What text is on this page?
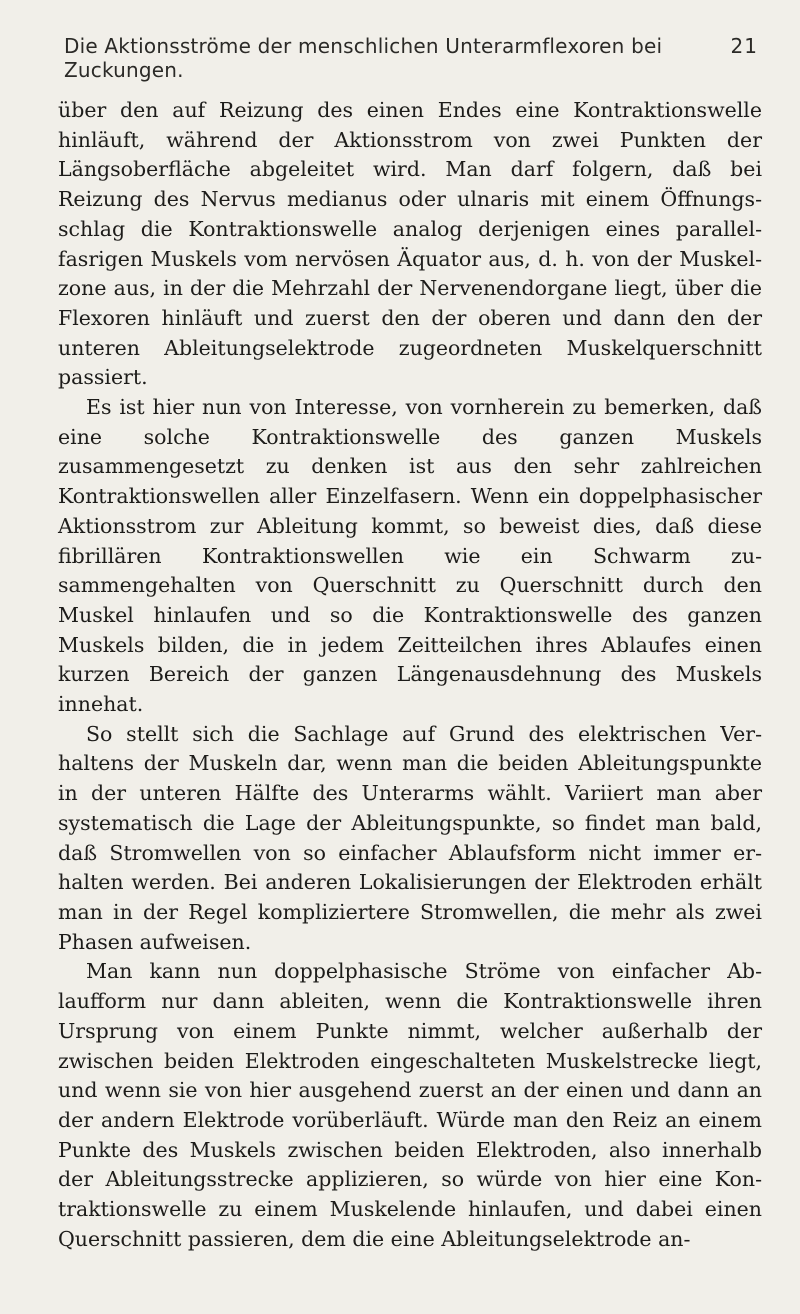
Die Aktionsströme der menschlichen Unterarmflexoren bei Zuckungen.
21

über den auf Reizung des einen Endes eine Kontraktionswelle hinläuft, während der Aktionsstrom von zwei Punkten der Längsoberfläche abgeleitet wird. Man darf folgern, daß bei Reizung des Nervus medianus oder ulnaris mit einem Öffnungsschlag die Kontraktionswelle analog derjenigen eines parallel-fasrigen Muskels vom nervösen Äquator aus, d. h. von der Muskelzone aus, in der die Mehrzahl der Nervenendorgane liegt, über die Flexoren hinläuft und zuerst den der oberen und dann den der unteren Ableitungselektrode zugeordneten Muskelquerschnitt passiert.

Es ist hier nun von Interesse, von vornherein zu bemerken, daß eine solche Kontraktionswelle des ganzen Muskels zusammengesetzt zu denken ist aus den sehr zahlreichen Kontraktionswellen aller Einzelfasern. Wenn ein doppelphasischer Aktionsstrom zur Ableitung kommt, so beweist dies, daß diese fibrillären Kontraktionswellen wie ein Schwarm zusammengehalten von Querschnitt zu Querschnitt durch den Muskel hinlaufen und so die Kontraktionswelle des ganzen Muskels bilden, die in jedem Zeitteilchen ihres Ablaufes einen kurzen Bereich der ganzen Längenausdehnung des Muskels innehat.

So stellt sich die Sachlage auf Grund des elektrischen Verhaltens der Muskeln dar, wenn man die beiden Ableitungspunkte in der unteren Hälfte des Unterarms wählt. Variiert man aber systematisch die Lage der Ableitungspunkte, so findet man bald, daß Stromwellen von so einfacher Ablaufsform nicht immer erhalten werden. Bei anderen Lokalisierungen der Elektroden erhält man in der Regel kompliziertere Stromwellen, die mehr als zwei Phasen aufweisen.

Man kann nun doppelphasische Ströme von einfacher Ablaufform nur dann ableiten, wenn die Kontraktionswelle ihren Ursprung von einem Punkte nimmt, welcher außerhalb der zwischen beiden Elektroden eingeschalteten Muskelstrecke liegt, und wenn sie von hier ausgehend zuerst an der einen und dann an der andern Elektrode vorüberläuft. Würde man den Reiz an einem Punkte des Muskels zwischen beiden Elektroden, also innerhalb der Ableitungsstrecke applizieren, so würde von hier eine Kontraktionswelle zu einem Muskelende hinlaufen, und dabei einen Querschnitt passieren, dem die eine Ableitungselektrode an-
